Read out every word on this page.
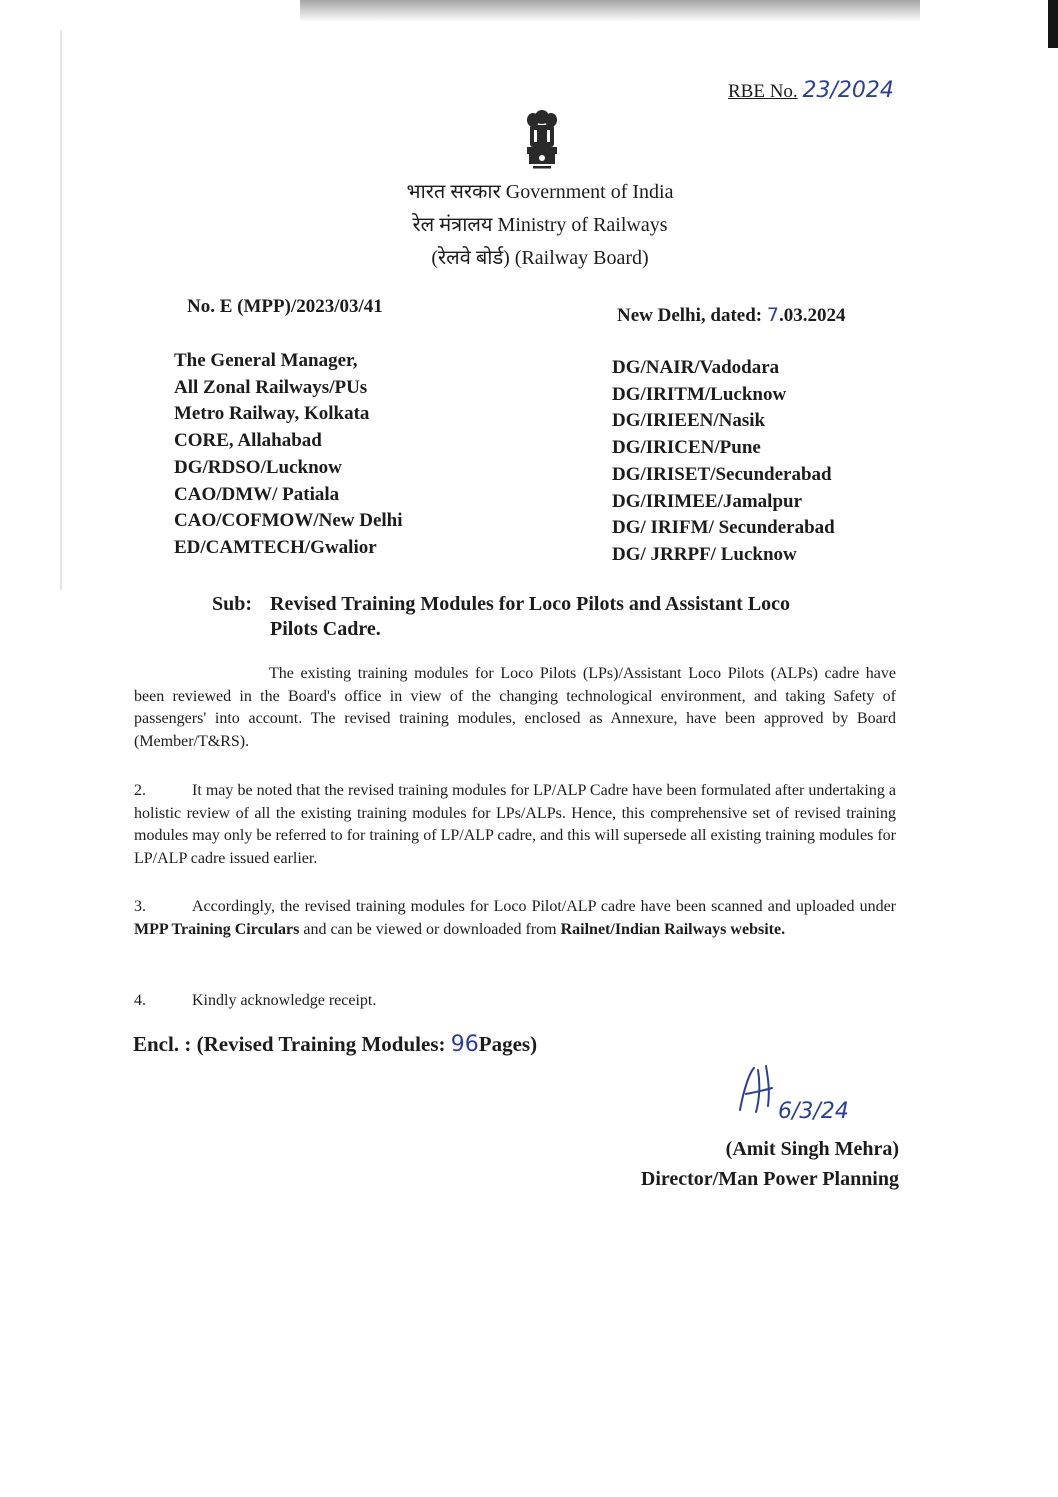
RBE No. 23/2024
भारत सरकार Government of India
रेल मंत्रालय Ministry of Railways
(रेलवे बोर्ड) (Railway Board)
No. E (MPP)/2023/03/41	New Delhi, dated: 7.03.2024
The General Manager,
All Zonal Railways/PUs
Metro Railway, Kolkata
CORE, Allahabad
DG/RDSO/Lucknow
CAO/DMW/ Patiala
CAO/COFMOW/New Delhi
ED/CAMTECH/Gwalior
DG/NAIR/Vadodara
DG/IRITM/Lucknow
DG/IRIEEN/Nasik
DG/IRICEN/Pune
DG/IRISET/Secunderabad
DG/IRIMEE/Jamalpur
DG/ IRIFM/ Secunderabad
DG/ JRRPF/ Lucknow
Sub: Revised Training Modules for Loco Pilots and Assistant Loco
Pilots Cadre.
The existing training modules for Loco Pilots (LPs)/Assistant Loco Pilots (ALPs) cadre have been reviewed in the Board's office in view of the changing technological environment, and taking Safety of passengers' into account. The revised training modules, enclosed as Annexure, have been approved by Board (Member/T&RS).
2.	It may be noted that the revised training modules for LP/ALP Cadre have been formulated after undertaking a holistic review of all the existing training modules for LPs/ALPs. Hence, this comprehensive set of revised training modules may only be referred to for training of LP/ALP cadre, and this will supersede all existing training modules for LP/ALP cadre issued earlier.
3.	Accordingly, the revised training modules for Loco Pilot/ALP cadre have been scanned and uploaded under MPP Training Circulars and can be viewed or downloaded from Railnet/Indian Railways website.
4.	Kindly acknowledge receipt.
Encl. : (Revised Training Modules: 96Pages)
6/3/24
(Amit Singh Mehra)
Director/Man Power Planning
